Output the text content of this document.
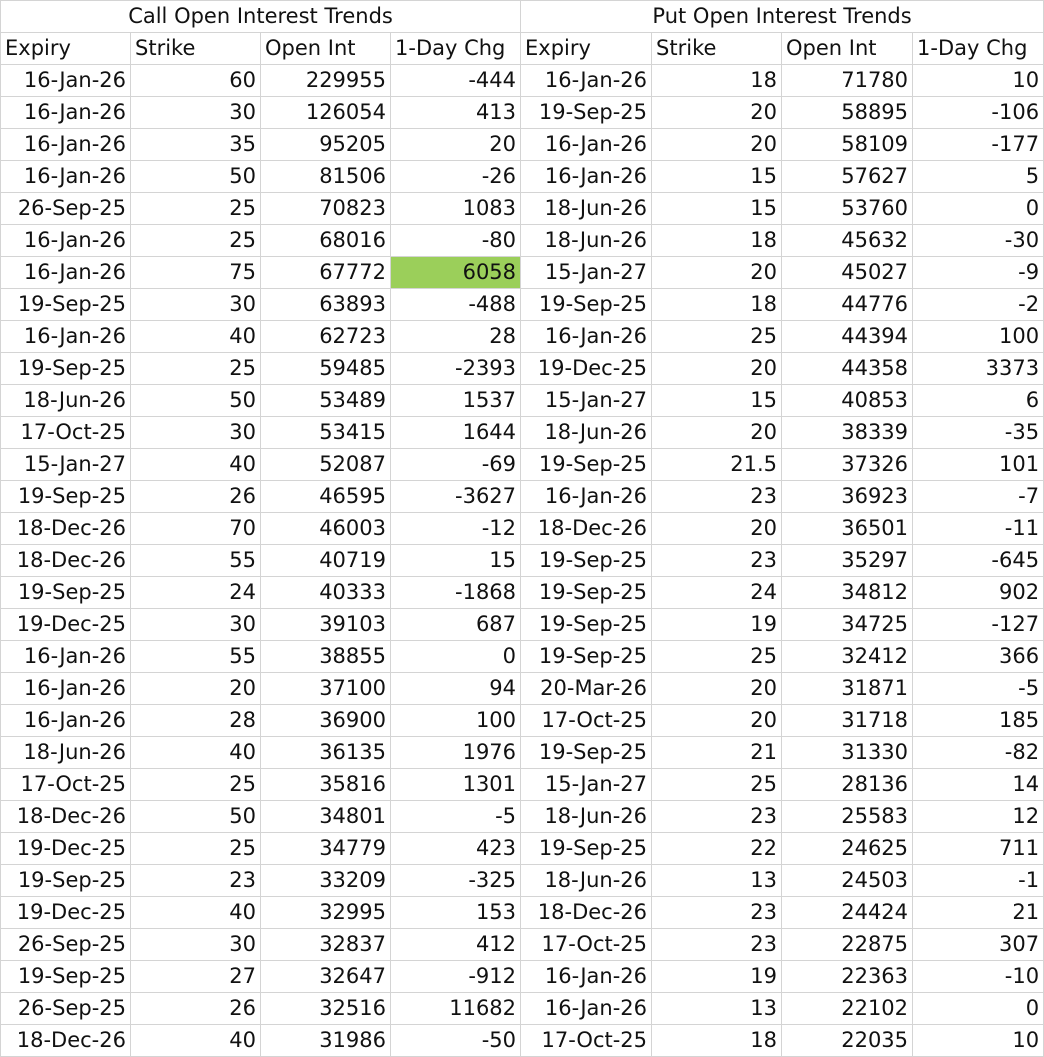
Call Open Interest Trends				Put Open Interest Trends			
Expiry	Strike	Open Int	1-Day Chg	Expiry	Strike	Open Int	1-Day Chg
16-Jan-26	60	229955	-444	16-Jan-26	18	71780	10
16-Jan-26	30	126054	413	19-Sep-25	20	58895	-106
16-Jan-26	35	95205	20	16-Jan-26	20	58109	-177
16-Jan-26	50	81506	-26	16-Jan-26	15	57627	5
26-Sep-25	25	70823	1083	18-Jun-26	15	53760	0
16-Jan-26	25	68016	-80	18-Jun-26	18	45632	-30
16-Jan-26	75	67772	6058	15-Jan-27	20	45027	-9
19-Sep-25	30	63893	-488	19-Sep-25	18	44776	-2
16-Jan-26	40	62723	28	16-Jan-26	25	44394	100
19-Sep-25	25	59485	-2393	19-Dec-25	20	44358	3373
18-Jun-26	50	53489	1537	15-Jan-27	15	40853	6
17-Oct-25	30	53415	1644	18-Jun-26	20	38339	-35
15-Jan-27	40	52087	-69	19-Sep-25	21.5	37326	101
19-Sep-25	26	46595	-3627	16-Jan-26	23	36923	-7
18-Dec-26	70	46003	-12	18-Dec-26	20	36501	-11
18-Dec-26	55	40719	15	19-Sep-25	23	35297	-645
19-Sep-25	24	40333	-1868	19-Sep-25	24	34812	902
19-Dec-25	30	39103	687	19-Sep-25	19	34725	-127
16-Jan-26	55	38855	0	19-Sep-25	25	32412	366
16-Jan-26	20	37100	94	20-Mar-26	20	31871	-5
16-Jan-26	28	36900	100	17-Oct-25	20	31718	185
18-Jun-26	40	36135	1976	19-Sep-25	21	31330	-82
17-Oct-25	25	35816	1301	15-Jan-27	25	28136	14
18-Dec-26	50	34801	-5	18-Jun-26	23	25583	12
19-Dec-25	25	34779	423	19-Sep-25	22	24625	711
19-Sep-25	23	33209	-325	18-Jun-26	13	24503	-1
19-Dec-25	40	32995	153	18-Dec-26	23	24424	21
26-Sep-25	30	32837	412	17-Oct-25	23	22875	307
19-Sep-25	27	32647	-912	16-Jan-26	19	22363	-10
26-Sep-25	26	32516	11682	16-Jan-26	13	22102	0
18-Dec-26	40	31986	-50	17-Oct-25	18	22035	10
